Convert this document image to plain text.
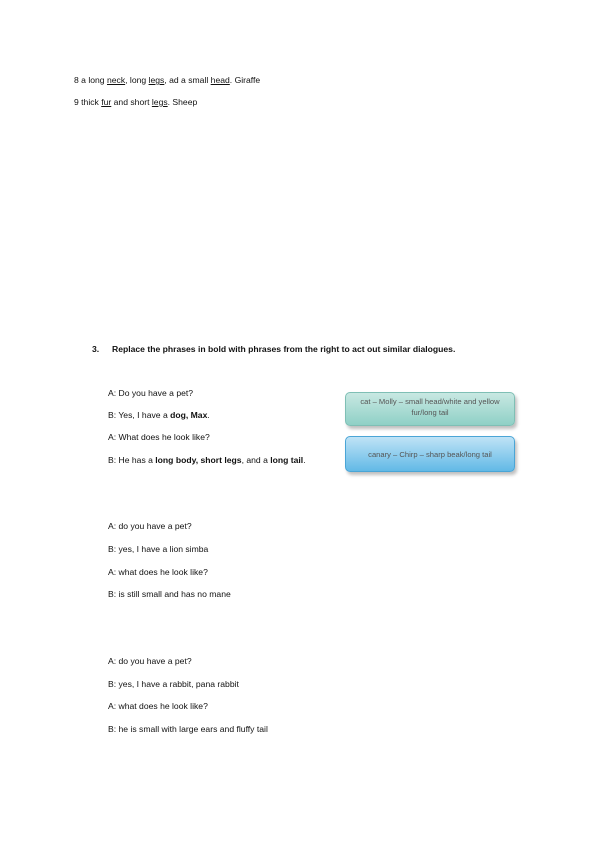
8 a long neck, long legs, ad a small head. Giraffe
9 thick fur and short legs. Sheep
3. Replace the phrases in bold with phrases from the right to act out similar dialogues.
A: Do you have a pet?
B: Yes, I have a dog, Max.
A: What does he look like?
B: He has a long body, short legs, and a long tail.
cat – Molly – small head/white and yellow fur/long tail
canary – Chirp – sharp beak/long tail
A: do you have a pet?
B: yes, I have a lion simba
A: what does he look like?
B: is still small and has no mane
A: do you have a pet?
B: yes, I have a rabbit, pana rabbit
A: what does he look like?
B: he is small with large ears and fluffy tail
